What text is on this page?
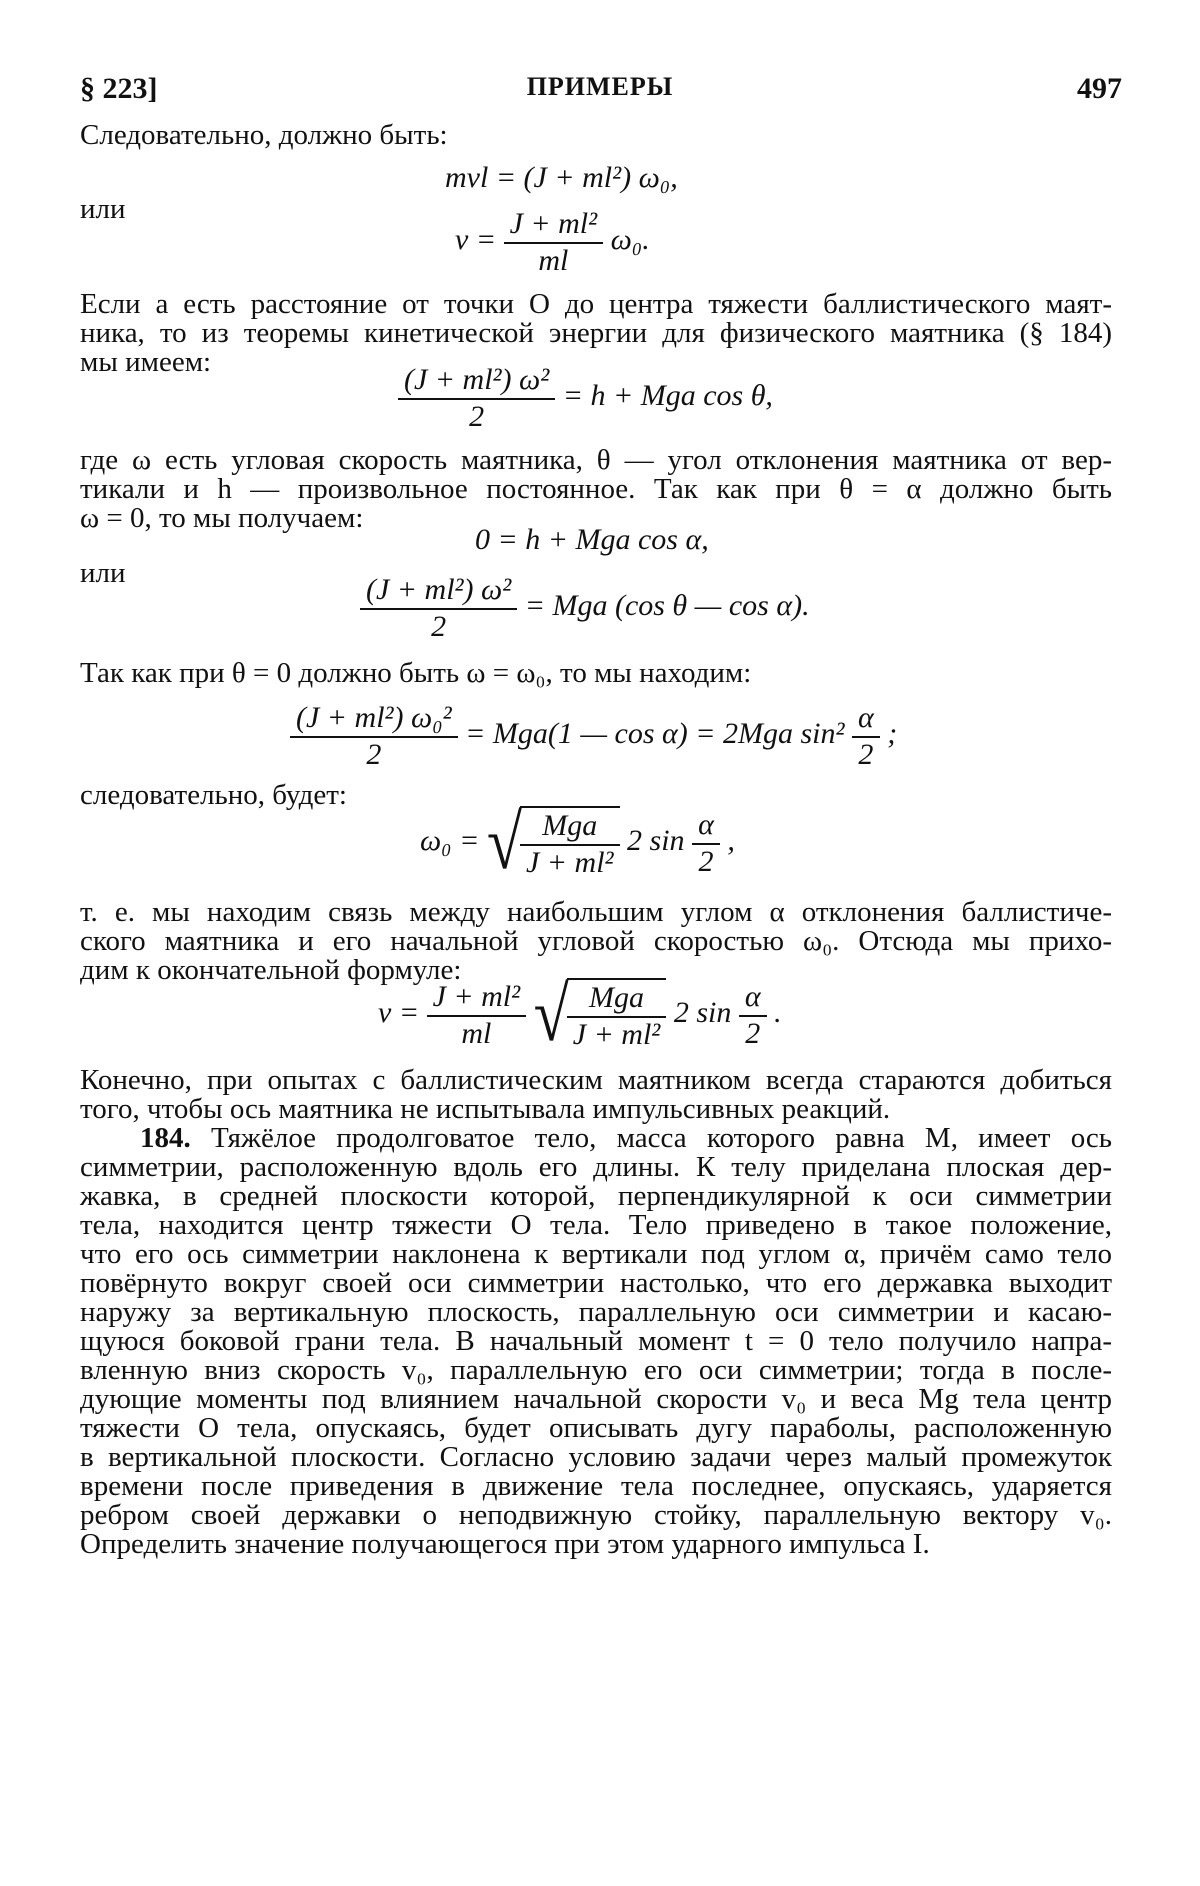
§ 223]	ПРИМЕРЫ	497
Следовательно, должно быть:
mvl = (J + ml²) ω₀,
или
$v = \frac{\text{J + ml²}}{ml} \omega_0$.
Если a есть расстояние от точки O до центра тяжести баллистического маят-
ника, то из теоремы кинетической энергии для физического маятника (§ 184)
мы имеем:	$\frac{\text{(J + ml²) ω²}}{2} = h$ + Mga cos θ,
где ω есть угловая скорость маятника, θ — угол отклонения маятника от вер-
тикали и h — произвольное постоянное. Так как при θ = α должно быть
ω = 0, то мы получаем:
0 = h + Mga cos α,
или	$\frac{\text{(J + ml²) ω²}}{2}$ = Mga (cos θ — cos α).
Так как при θ = 0 должно быть ω = ω₀, то мы находим:
$\frac{\text{(J + ml²) ω₀²}}{2} = Mga(1$ — cos α) = 2Mga $\sin^2 \frac{\alpha}{2}$ ;
следовательно, будет:
ω₀ = √
$\frac{\text{Mga}}{\text{J + ml²}} 2$ $\sin \frac{\alpha}{2}$ ,
т. е. мы находим связь между наибольшим углом α отклонения баллистиче-
ского маятника и его начальной угловой скоростью ω₀. Отсюда мы прихо-
дим к окончательной формуле:
$v = \frac{\text{J + ml²}}{ml}$ √
$\frac{\text{Mga}}{\text{J + ml²}} 2$ $\sin \frac{\alpha}{2}$ .
Конечно, при опытах с баллистическим маятником всегда стараются добиться
того, чтобы ось маятника не испытывала импульсивных реакций.
184. Тяжёлое продолговатое тело, масса которого равна M, имеет ось
симметрии, расположенную вдоль его длины. К телу приделана плоская дер-
жавка, в средней плоскости которой, перпендикулярной к оси симметрии
тела, находится центр тяжести O тела. Тело приведено в такое положение,
что его ось симметрии наклонена к вертикали под углом α, причём само тело
повёрнуто вокруг своей оси симметрии настолько, что его державка выходит
наружу за вертикальную плоскость, параллельную оси симметрии и касаю-
щуюся боковой грани тела. В начальный момент t = 0 тело получило напра-
вленную вниз скорость v₀, параллельную его оси симметрии; тогда в после-
дующие моменты под влиянием начальной скорости v₀ и веса Mg тела центр
тяжести O тела, опускаясь, будет описывать дугу параболы, расположенную
в вертикальной плоскости. Согласно условию задачи через малый промежуток
времени после приведения в движение тела последнее, опускаясь, ударяется
ребром своей державки о неподвижную стойку, параллельную вектору v₀.
Определить значение получающегося при этом ударного импульса I.
